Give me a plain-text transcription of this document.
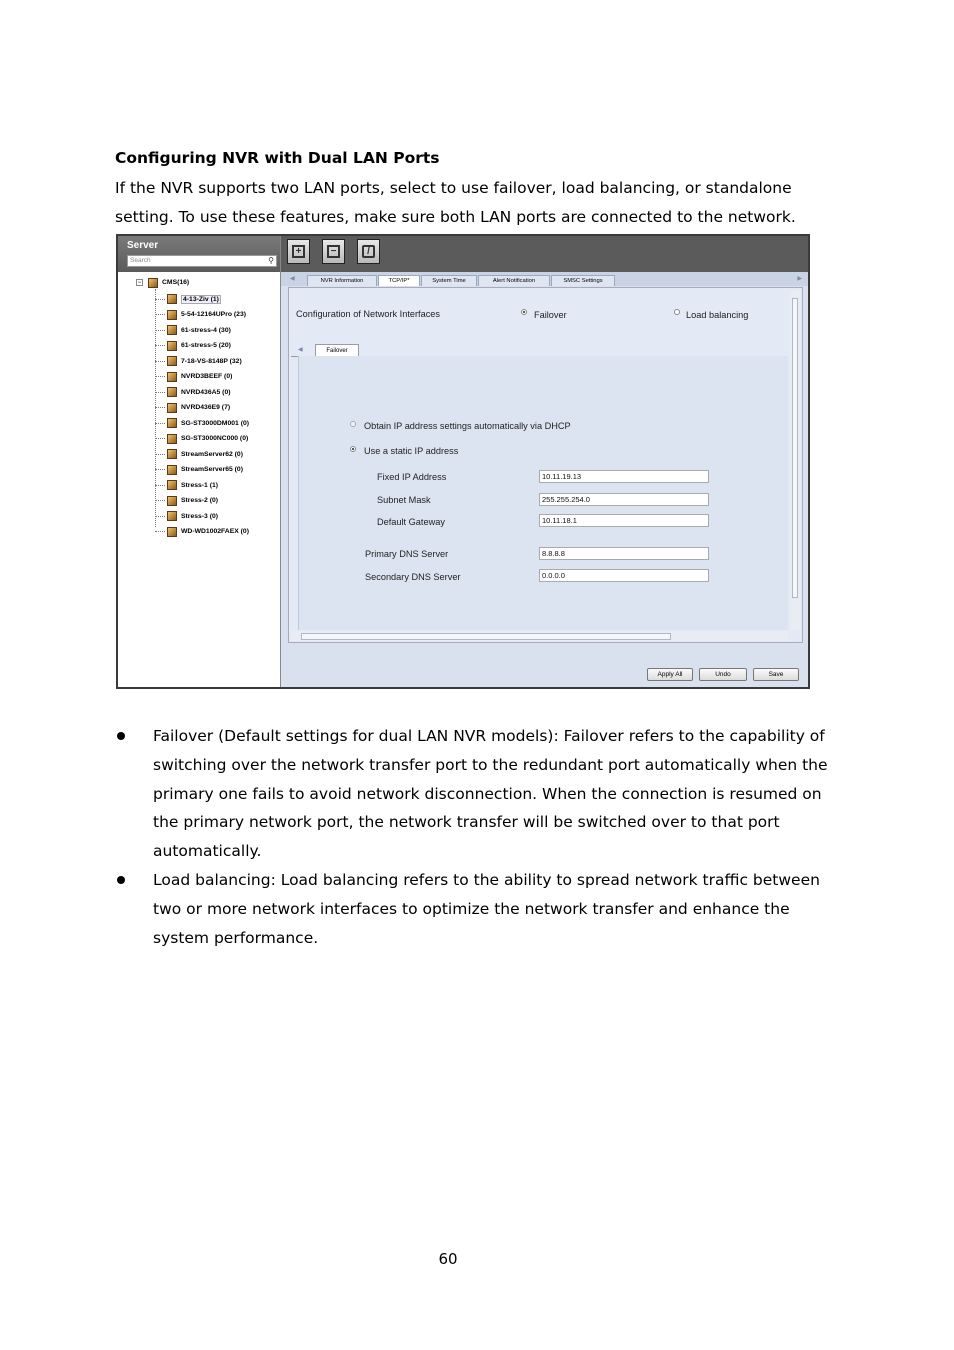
Configuring NVR with Dual LAN Ports
If the NVR supports two LAN ports, select to use failover, load balancing, or standalone setting. To use these features, make sure both LAN ports are connected to the network.
Server
Search	⚲
−	CMS(16)
4-13-Ziv (1)
5-54-12164UPro (23)
61-stress-4 (30)
61-stress-5 (20)
7-18-VS-8148P (32)
NVRD3BEEF (0)
NVRD436A5 (0)
NVRD436E9 (7)
SG-ST3000DM001 (0)
SG-ST3000NC000 (0)
StreamServer62 (0)
StreamServer65 (0)
Stress-1 (1)
Stress-2 (0)
Stress-3 (0)
WD-WD1002FAEX (0)
+	−	/
◀	NVR Information	TCP/IP*	System Time	Alert Notification	SMSC Settings	▶
Configuration of Network Interfaces	Failover	Load balancing
◀	Failover
Obtain IP address settings automatically via DHCP
Use a static IP address
Fixed IP Address	10.11.19.13
Subnet Mask	255.255.254.0
Default Gateway	10.11.18.1
Primary DNS Server	8.8.8.8
Secondary DNS Server	0.0.0.0
Apply All	Undo	Save
Failover (Default settings for dual LAN NVR models): Failover refers to the capability of switching over the network transfer port to the redundant port automatically when the primary one fails to avoid network disconnection. When the connection is resumed on the primary network port, the network transfer will be switched over to that port automatically.
Load balancing: Load balancing refers to the ability to spread network traffic between two or more network interfaces to optimize the network transfer and enhance the system performance.
60
